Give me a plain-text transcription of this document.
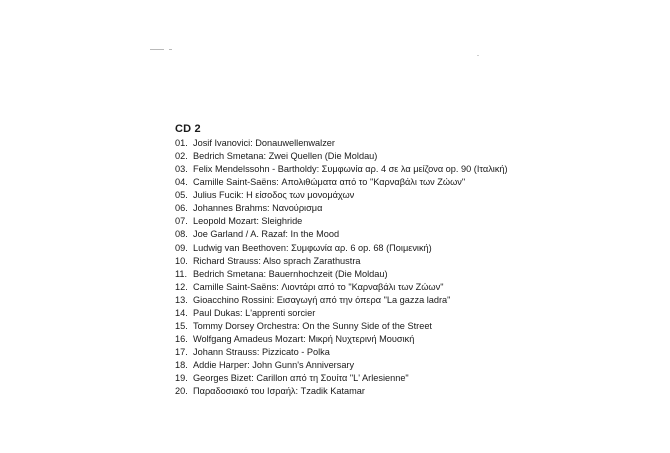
CD 2
01. Josif Ivanovici: Donauwellenwalzer
02. Bedrich Smetana: Zwei Quellen (Die Moldau)
03. Felix Mendelssohn - Bartholdy: Συμφωνία αρ. 4 σε λα μείζονα op. 90 (Ιταλική)
04. Camille Saint-Saëns: Απολιθώματα από το "Καρναβάλι των Ζώων"
05. Julius Fucik: Η είσοδος των μονομάχων
06. Johannes Brahms: Νανούρισμα
07. Leopold Mozart: Sleighride
08. Joe Garland / A. Razaf: In the Mood
09. Ludwig van Beethoven: Συμφωνία αρ. 6 op. 68 (Ποιμενική)
10. Richard Strauss: Also sprach Zarathustra
11. Bedrich Smetana: Bauernhochzeit (Die Moldau)
12. Camille Saint-Saëns: Λιοντάρι από το "Καρναβάλι των Ζώων"
13. Gioacchino Rossini: Εισαγωγή από την όπερα "La gazza ladra"
14. Paul Dukas: L'apprenti sorcier
15. Tommy Dorsey Orchestra: On the Sunny Side of the Street
16. Wolfgang Amadeus Mozart: Μικρή Νυχτερινή Μουσική
17. Johann Strauss: Pizzicato - Polka
18. Addie Harper: John Gunn's Anniversary
19. Georges Bizet: Carillon από τη Σουίτα "L' Arlesienne"
20. Παραδοσιακό του Ισραήλ: Tzadik Katamar
